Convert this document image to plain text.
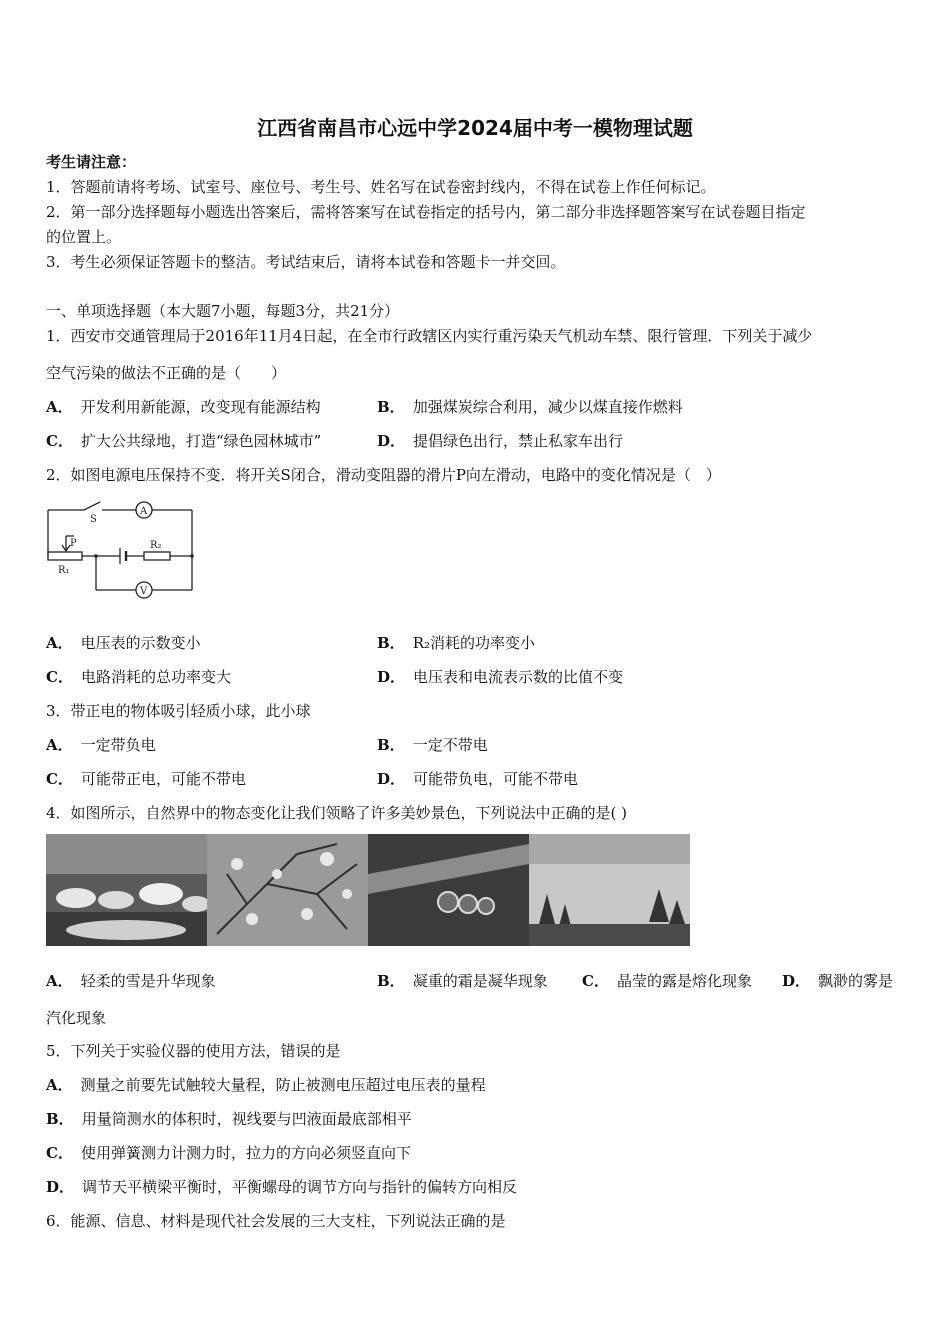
江西省南昌市心远中学2024届中考一模物理试题
考生请注意：
1．答题前请将考场、试室号、座位号、考生号、姓名写在试卷密封线内，不得在试卷上作任何标记。
2．第一部分选择题每小题选出答案后，需将答案写在试卷指定的括号内，第二部分非选择题答案写在试卷题目指定
的位置上。
3．考生必须保证答题卡的整洁。考试结束后，请将本试卷和答题卡一并交回。
一、单项选择题（本大题7小题，每题3分，共21分）
1．西安市交通管理局于2016年11月4日起，在全市行政辖区内实行重污染天气机动车禁、限行管理．下列关于减少
空气污染的做法不正确的是（　　）
A． 开发利用新能源，改变现有能源结构	B． 加强煤炭综合利用，减少以煤直接作燃料
C． 扩大公共绿地，打造“绿色园林城市”	D． 提倡绿色出行，禁止私家车出行
2．如图电源电压保持不变．将开关S闭合，滑动变阻器的滑片P向左滑动，电路中的变化情况是（　）
S
A
P	R₂
R₁
V
A． 电压表的示数变小	B． R₂消耗的功率变小
C． 电路消耗的总功率变大	D． 电压表和电流表示数的比值不变
3．带正电的物体吸引轻质小球，此小球
A． 一定带负电	B． 一定不带电
C． 可能带正电，可能不带电	D． 可能带负电，可能不带电
4．如图所示，自然界中的物态变化让我们领略了许多美妙景色，下列说法中正确的是( )
A． 轻柔的雪是升华现象	B． 凝重的霜是凝华现象 C． 晶莹的露是熔化现象 D． 飘渺的雾是
汽化现象
5．下列关于实验仪器的使用方法，错误的是
A． 测量之前要先试触较大量程，防止被测电压超过电压表的量程
B． 用量筒测水的体积时，视线要与凹液面最底部相平
C． 使用弹簧测力计测力时，拉力的方向必须竖直向下
D． 调节天平横梁平衡时，平衡螺母的调节方向与指针的偏转方向相反
6．能源、信息、材料是现代社会发展的三大支柱，下列说法正确的是
